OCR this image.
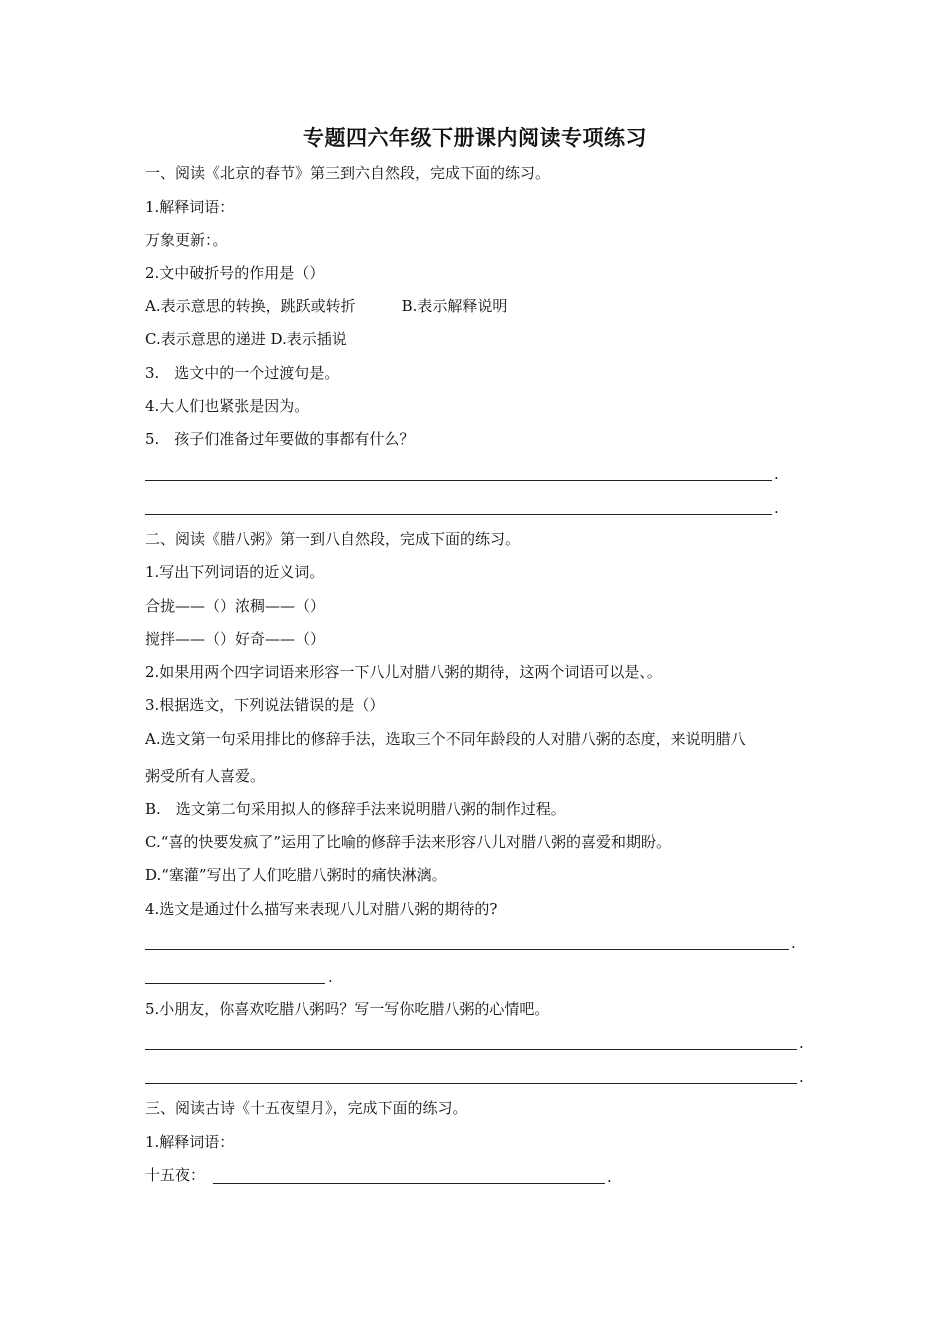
专题四六年级下册课内阅读专项练习
一、阅读《北京的春节》第三到六自然段，完成下面的练习。
1.解释词语：
万象更新：。
2.文中破折号的作用是（）
A.表示意思的转换，跳跃或转折	B.表示解释说明
C.表示意思的递进 D.表示插说
3.　选文中的一个过渡句是。
4.大人们也紧张是因为。
5.　孩子们准备过年要做的事都有什么？
.
.
二、阅读《腊八粥》第一到八自然段，完成下面的练习。
1.写出下列词语的近义词。
合拢——（）浓稠——（）
搅拌——（）好奇——（）
2.如果用两个四字词语来形容一下八儿对腊八粥的期待，这两个词语可以是、。
3.根据选文，下列说法错误的是（）
A.选文第一句采用排比的修辞手法，选取三个不同年龄段的人对腊八粥的态度，来说明腊八
粥受所有人喜爱。
B.　选文第二句采用拟人的修辞手法来说明腊八粥的制作过程。
C.“喜的快要发疯了”运用了比喻的修辞手法来形容八儿对腊八粥的喜爱和期盼。
D.“塞灌”写出了人们吃腊八粥时的痛快淋漓。
4.选文是通过什么描写来表现八儿对腊八粥的期待的?
.
.
5.小朋友，你喜欢吃腊八粥吗？写一写你吃腊八粥的心情吧。
.
.
三、阅读古诗《十五夜望月》，完成下面的练习。
1.解释词语：
十五夜：	.
